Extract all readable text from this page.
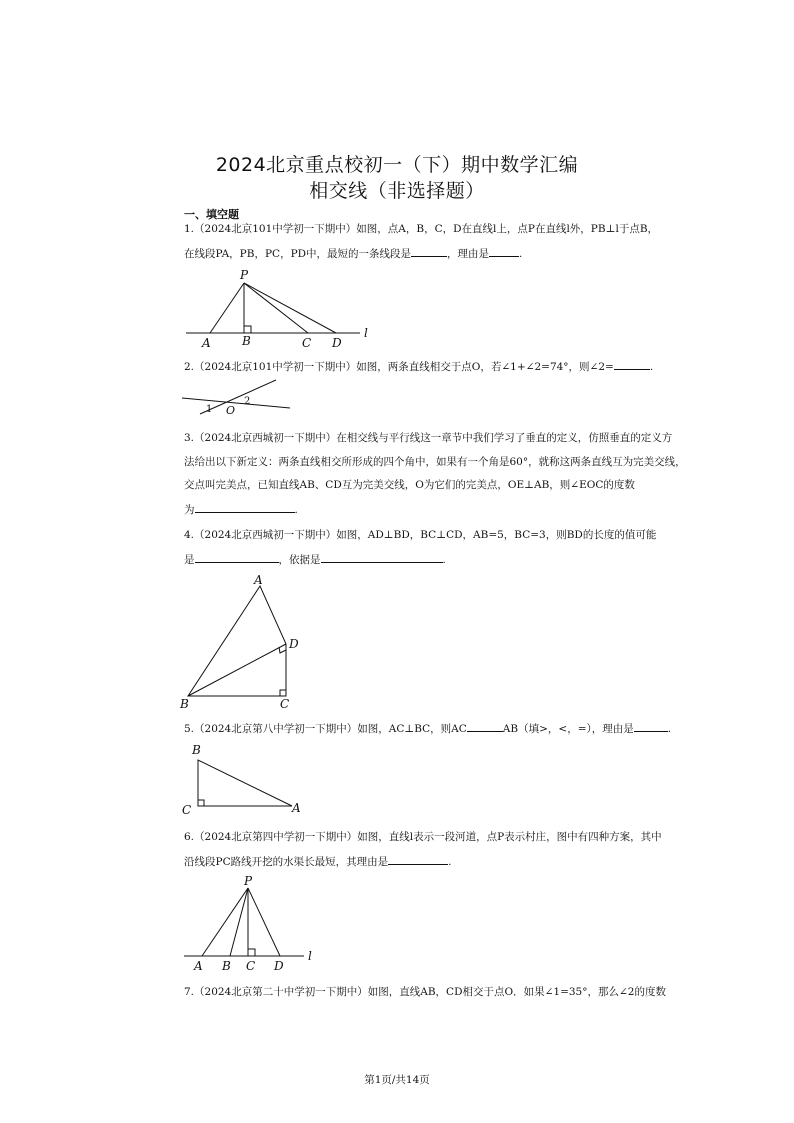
2024北京重点校初一（下）期中数学汇编
相交线（非选择题）
一、填空题
1.（2024北京101中学初一下期中）如图，点A，B，C，D在直线l上，点P在直线l外，PB⊥l于点B，
在线段PA，PB，PC，PD中，最短的一条线段是	，理由是	.
P
A	B	C D
l
2.（2024北京101中学初一下期中）如图，两条直线相交于点O，若∠1+∠2=74°，则∠2=	.
1 O
2
3.（2024北京西城初一下期中）在相交线与平行线这一章节中我们学习了垂直的定义，仿照垂直的定义方
法给出以下新定义：两条直线相交所形成的四个角中，如果有一个角是60°，就称这两条直线互为完美交线，
交点叫完美点，已知直线AB、CD互为完美交线，O为它们的完美点，OE⊥AB，则∠EOC的度数
为	.
4.（2024北京西城初一下期中）如图，AD⊥BD，BC⊥CD，AB=5，BC=3，则BD的长度的值可能
是	，依据是	.
A
D
B	C
5.（2024北京第八中学初一下期中）如图，AC⊥BC，则AC	AB（填>，<，=），理由是	.
B
C	A
6.（2024北京第四中学初一下期中）如图，直线l表示一段河道，点P表示村庄，图中有四种方案，其中
沿线段PC路线开挖的水渠长最短，其理由是	.
P
A B C D
l
7.（2024北京第二十中学初一下期中）如图，直线AB，CD相交于点O．如果∠1=35°，那么∠2的度数
第1页/共14页
